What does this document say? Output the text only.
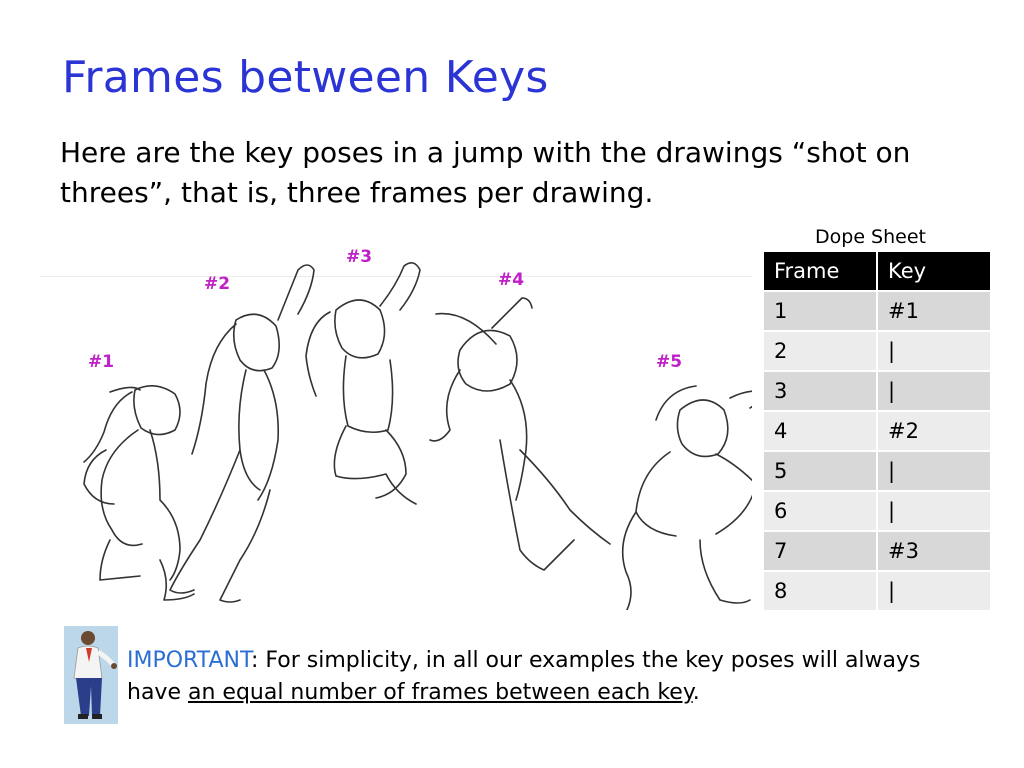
Frames between Keys
Here are the key poses in a jump with the drawings “shot on threes”, that is, three frames per drawing.
#1
#2
#3
#4
#5
Dope Sheet
Frame	Key
1	#1
2	|
3	|
4	#2
5	|
6	|
7	#3
8	|
IMPORTANT: For simplicity, in all our examples the key poses will always have an equal number of frames between each key.
